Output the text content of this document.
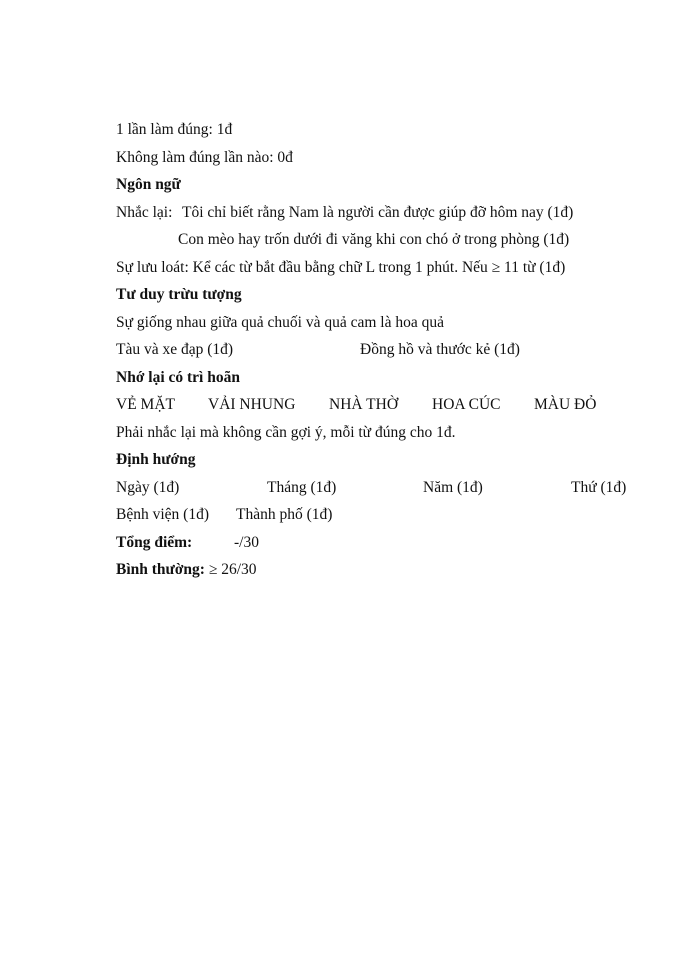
1 lần làm đúng: 1đ
Không làm đúng lần nào: 0đ
Ngôn ngữ
Nhắc lại: Tôi chỉ biết rằng Nam là người cần được giúp đỡ hôm nay (1đ)
Con mèo hay trốn dưới đi văng khi con chó ở trong phòng (1đ)
Sự lưu loát: Kể các từ bắt đầu bằng chữ L trong 1 phút. Nếu ≥ 11 từ (1đ)
Tư duy trừu tượng
Sự giống nhau giữa quả chuối và quả cam là hoa quả
Tàu và xe đạp (1đ)	Đồng hồ và thước kẻ (1đ)
Nhớ lại có trì hoãn
VẺ MẶT VẢI NHUNG NHÀ THỜ HOA CÚC MÀU ĐỎ
Phải nhắc lại mà không cần gợi ý, mỗi từ đúng cho 1đ.
Định hướng
Ngày (1đ)	Tháng (1đ)	Năm (1đ)	Thứ (1đ)
Bệnh viện (1đ) Thành phố (1đ)
Tổng điểm:	-/30
Bình thường: ≥ 26/30
